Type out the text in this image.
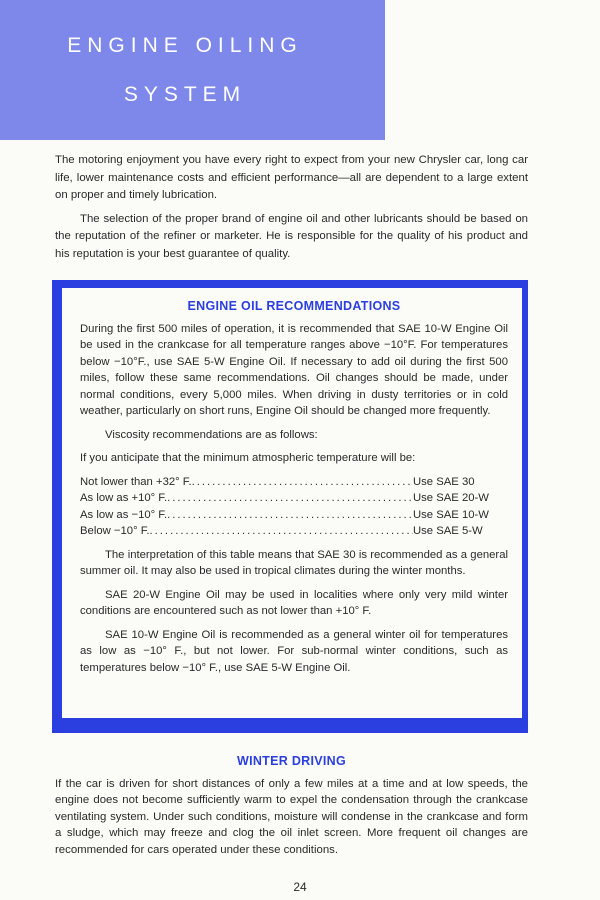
ENGINE OILING
SYSTEM

The motoring enjoyment you have every right to expect from your new Chrysler car, long car life, lower maintenance costs and efficient performance—all are dependent to a large extent on proper and timely lubrication.

The selection of the proper brand of engine oil and other lubricants should be based on the reputation of the refiner or marketer. He is responsible for the quality of his product and his reputation is your best guarantee of quality.

ENGINE OIL RECOMMENDATIONS

During the first 500 miles of operation, it is recommended that SAE 10-W Engine Oil be used in the crankcase for all temperature ranges above −10°F. For temperatures below −10°F., use SAE 5-W Engine Oil. If necessary to add oil during the first 500 miles, follow these same recommendations. Oil changes should be made, under normal conditions, every 5,000 miles. When driving in dusty territories or in cold weather, particularly on short runs, Engine Oil should be changed more frequently.

Viscosity recommendations are as follows:

If you anticipate that the minimum atmospheric temperature will be:

Not lower than +32° F. .....	Use SAE 30
As low as +10° F. .....	Use SAE 20-W
As low as −10° F. .....	Use SAE 10-W
Below −10° F. .....	Use SAE 5-W

The interpretation of this table means that SAE 30 is recommended as a general summer oil. It may also be used in tropical climates during the winter months.

SAE 20-W Engine Oil may be used in localities where only very mild winter conditions are encountered such as not lower than +10° F.

SAE 10-W Engine Oil is recommended as a general winter oil for temperatures as low as −10° F., but not lower. For sub-normal winter conditions, such as temperatures below −10° F., use SAE 5-W Engine Oil.

WINTER DRIVING

If the car is driven for short distances of only a few miles at a time and at low speeds, the engine does not become sufficiently warm to expel the condensation through the crankcase ventilating system. Under such conditions, moisture will condense in the crankcase and form a sludge, which may freeze and clog the oil inlet screen. More frequent oil changes are recommended for cars operated under these conditions.

24
